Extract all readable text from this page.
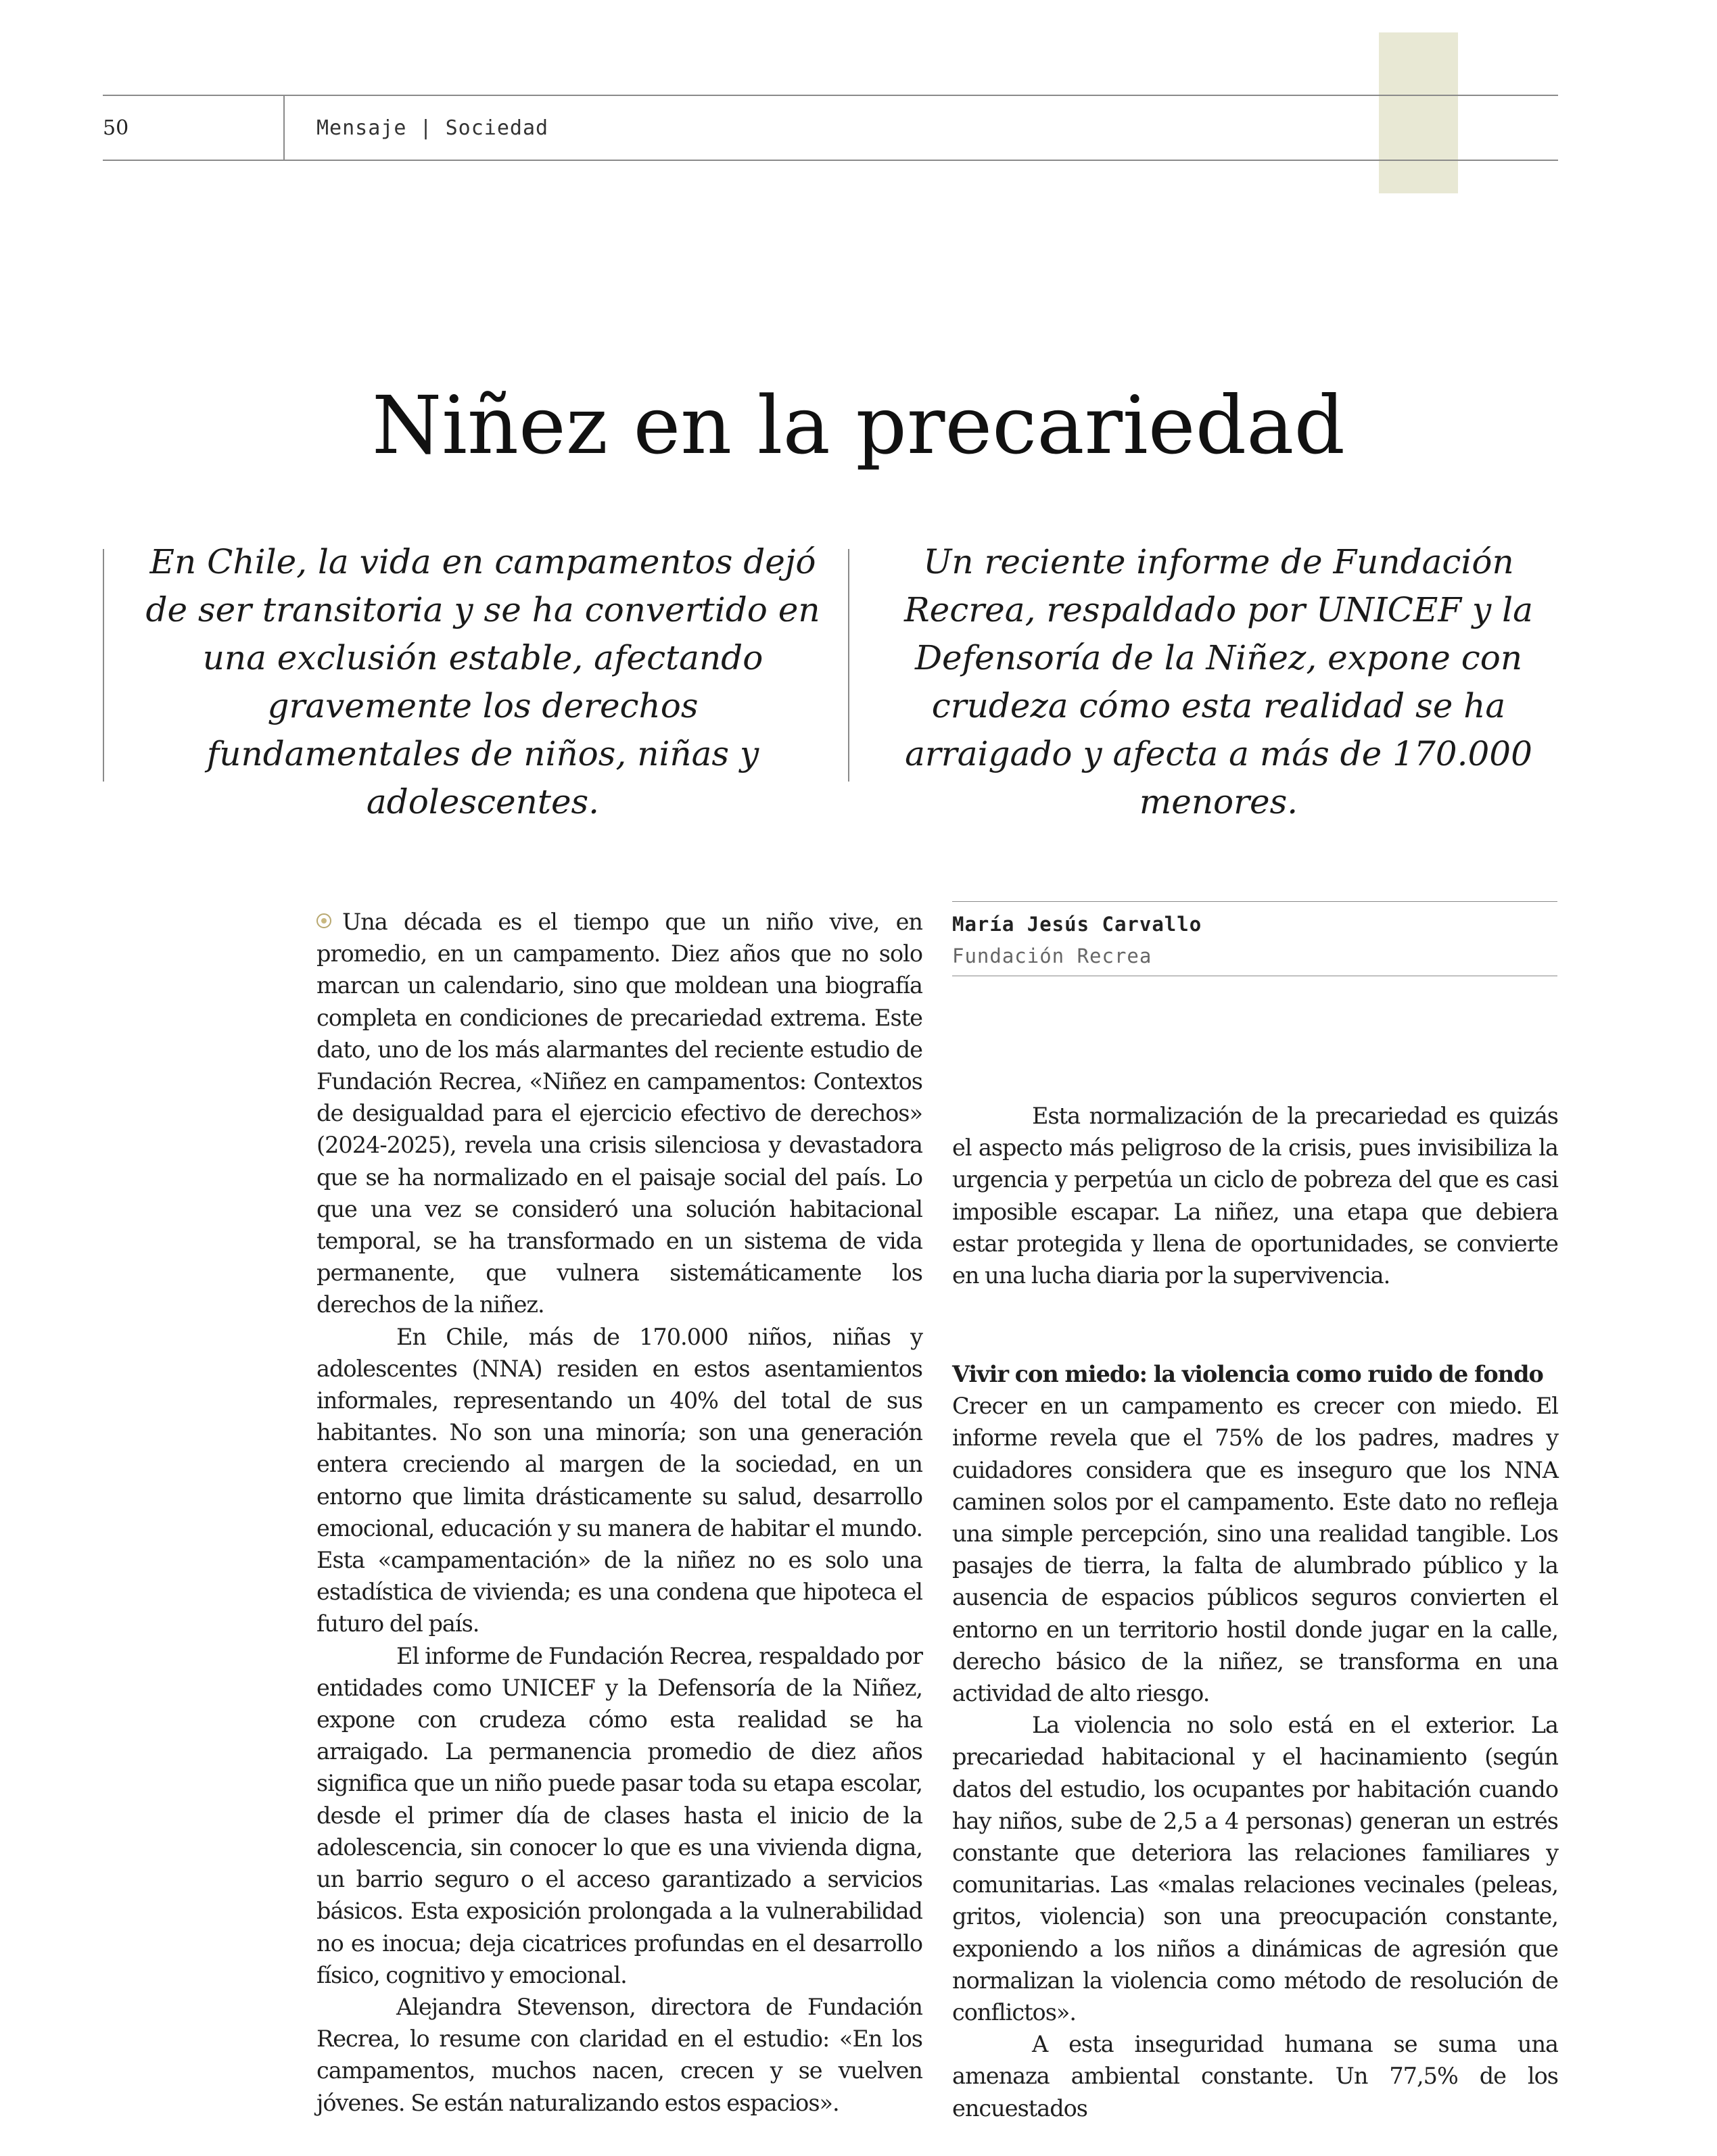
50	Mensaje | Sociedad
Niñez en la precariedad
En Chile, la vida en campamentos dejó de ser transitoria y se ha convertido en una exclusión estable, afectando gravemente los derechos fundamentales de niños, niñas y adolescentes.
Un reciente informe de Fundación Recrea, respaldado por UNICEF y la Defensoría de la Niñez, expone con crudeza cómo esta realidad se ha arraigado y afecta a más de 170.000 menores.

Una década es el tiempo que un niño vive, en promedio, en un campamento. Diez años que no solo marcan un calendario, sino que moldean una biografía completa en condiciones de precariedad extrema. Este dato, uno de los más alarmantes del reciente estudio de Fundación Recrea, «Niñez en campamentos: Contextos de desigualdad para el ejercicio efectivo de derechos» (2024-2025), revela una crisis silenciosa y devastadora que se ha normalizado en el paisaje social del país. Lo que una vez se consideró una solución habitacional temporal, se ha transformado en un sistema de vida permanente, que vulnera sistemáticamente los derechos de la niñez.

En Chile, más de 170.000 niños, niñas y adolescentes (NNA) residen en estos asentamientos informales, representando un 40% del total de sus habitantes. No son una minoría; son una generación entera creciendo al margen de la sociedad, en un entorno que limita drásticamente su salud, desarrollo emocional, educación y su manera de habitar el mundo. Esta «campamentación» de la niñez no es solo una estadística de vivienda; es una condena que hipoteca el futuro del país.

El informe de Fundación Recrea, respaldado por entidades como UNICEF y la Defensoría de la Niñez, expone con crudeza cómo esta realidad se ha arraigado. La permanencia promedio de diez años significa que un niño puede pasar toda su etapa escolar, desde el primer día de clases hasta el inicio de la adolescencia, sin conocer lo que es una vivienda digna, un barrio seguro o el acceso garantizado a servicios básicos. Esta exposición prolongada a la vulnerabilidad no es inocua; deja cicatrices profundas en el desarrollo físico, cognitivo y emocional.

Alejandra Stevenson, directora de Fundación Recrea, lo resume con claridad en el estudio: «En los campamentos, muchos nacen, crecen y se vuelven jóvenes. Se están naturalizando estos espacios».

María Jesús Carvallo
Fundación Recrea

Esta normalización de la precariedad es quizás el aspecto más peligroso de la crisis, pues invisibiliza la urgencia y perpetúa un ciclo de pobreza del que es casi imposible escapar. La niñez, una etapa que debiera estar protegida y llena de oportunidades, se convierte en una lucha diaria por la supervivencia.

Vivir con miedo: la violencia como ruido de fondo

Crecer en un campamento es crecer con miedo. El informe revela que el 75% de los padres, madres y cuidadores considera que es inseguro que los NNA caminen solos por el campamento. Este dato no refleja una simple percepción, sino una realidad tangible. Los pasajes de tierra, la falta de alumbrado público y la ausencia de espacios públicos seguros convierten el entorno en un territorio hostil donde jugar en la calle, derecho básico de la niñez, se transforma en una actividad de alto riesgo.

La violencia no solo está en el exterior. La precariedad habitacional y el hacinamiento (según datos del estudio, los ocupantes por habitación cuando hay niños, sube de 2,5 a 4 personas) generan un estrés constante que deteriora las relaciones familiares y comunitarias. Las «malas relaciones vecinales (peleas, gritos, violencia) son una preocupación constante, exponiendo a los niños a dinámicas de agresión que normalizan la violencia como método de resolución de conflictos».

A esta inseguridad humana se suma una amenaza ambiental constante. Un 77,5% de los encuestados
